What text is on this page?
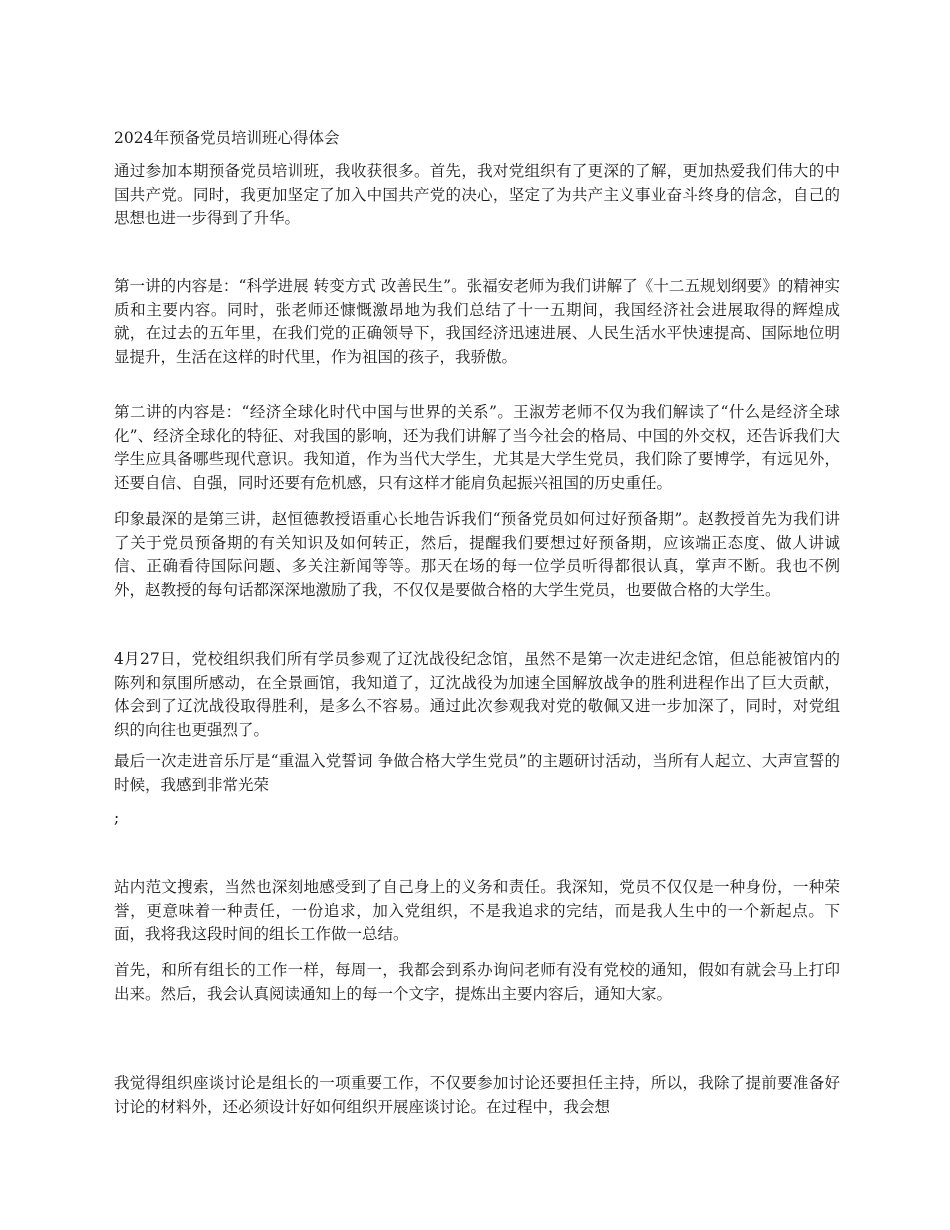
2024年预备党员培训班心得体会

通过参加本期预备党员培训班，我收获很多。首先，我对党组织有了更深的了解，更加热爱我们伟大的中国共产党。同时，我更加坚定了加入中国共产党的决心，坚定了为共产主义事业奋斗终身的信念，自己的思想也进一步得到了升华。

第一讲的内容是：“科学进展 转变方式 改善民生”。张福安老师为我们讲解了《十二五规划纲要》的精神实质和主要内容。同时，张老师还慷慨激昂地为我们总结了十一五期间，我国经济社会进展取得的辉煌成就，在过去的五年里，在我们党的正确领导下，我国经济迅速进展、人民生活水平快速提高、国际地位明显提升，生活在这样的时代里，作为祖国的孩子，我骄傲。

第二讲的内容是：“经济全球化时代中国与世界的关系”。王淑芳老师不仅为我们解读了“什么是经济全球化”、经济全球化的特征、对我国的影响，还为我们讲解了当今社会的格局、中国的外交权，还告诉我们大学生应具备哪些现代意识。我知道，作为当代大学生，尤其是大学生党员，我们除了要博学，有远见外，还要自信、自强，同时还要有危机感，只有这样才能肩负起振兴祖国的历史重任。

印象最深的是第三讲，赵恒德教授语重心长地告诉我们“预备党员如何过好预备期”。赵教授首先为我们讲了关于党员预备期的有关知识及如何转正，然后，提醒我们要想过好预备期，应该端正态度、做人讲诚信、正确看待国际问题、多关注新闻等等。那天在场的每一位学员听得都很认真，掌声不断。我也不例外，赵教授的每句话都深深地激励了我，不仅仅是要做合格的大学生党员，也要做合格的大学生。

4月27日，党校组织我们所有学员参观了辽沈战役纪念馆，虽然不是第一次走进纪念馆，但总能被馆内的陈列和氛围所感动，在全景画馆，我知道了，辽沈战役为加速全国解放战争的胜利进程作出了巨大贡献，体会到了辽沈战役取得胜利，是多么不容易。通过此次参观我对党的敬佩又进一步加深了，同时，对党组织的向往也更强烈了。

最后一次走进音乐厅是“重温入党誓词 争做合格大学生党员”的主题研讨活动，当所有人起立、大声宣誓的时候，我感到非常光荣

;

站内范文搜索，当然也深刻地感受到了自己身上的义务和责任。我深知，党员不仅仅是一种身份，一种荣誉，更意味着一种责任，一份追求，加入党组织，不是我追求的完结，而是我人生中的一个新起点。下面，我将我这段时间的组长工作做一总结。

首先，和所有组长的工作一样，每周一，我都会到系办询问老师有没有党校的通知，假如有就会马上打印出来。然后，我会认真阅读通知上的每一个文字，提炼出主要内容后，通知大家。

我觉得组织座谈讨论是组长的一项重要工作，不仅要参加讨论还要担任主持，所以，我除了提前要准备好讨论的材料外，还必须设计好如何组织开展座谈讨论。在过程中，我会想
